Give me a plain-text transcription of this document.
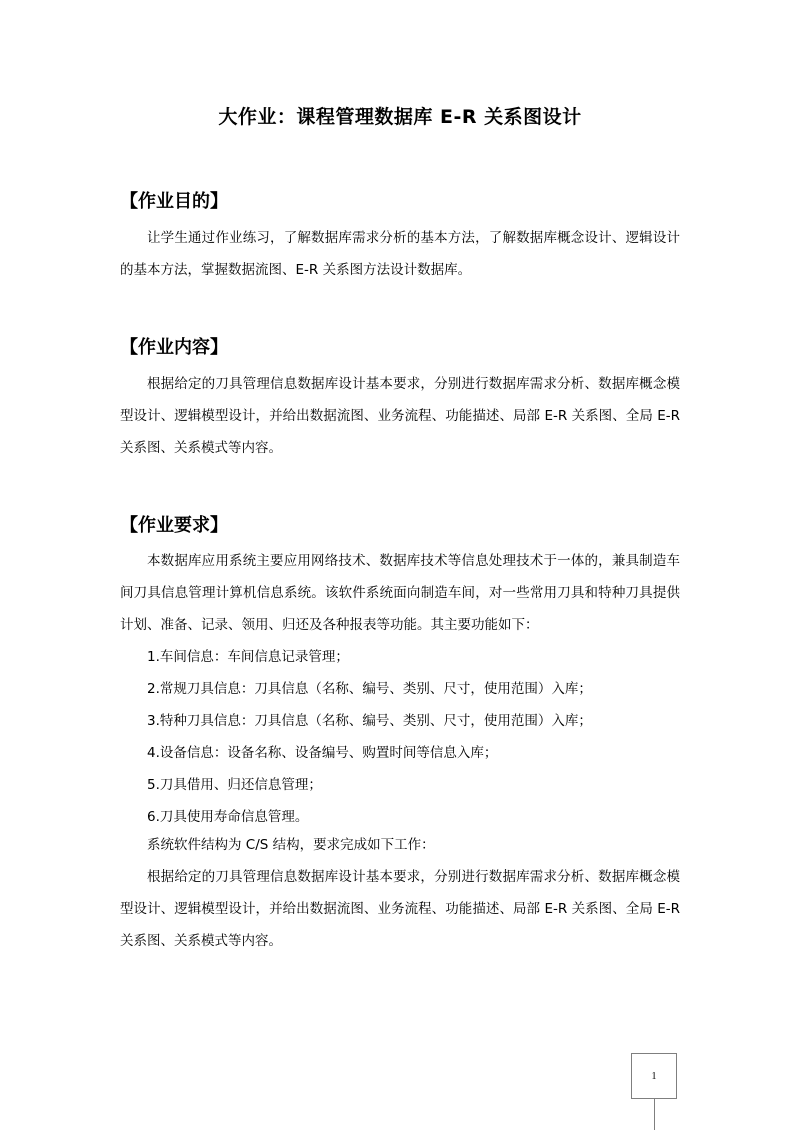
大作业：课程管理数据库 E-R 关系图设计
【作业目的】
让学生通过作业练习，了解数据库需求分析的基本方法，了解数据库概念设计、逻辑设计的基本方法，掌握数据流图、E-R 关系图方法设计数据库。
【作业内容】
根据给定的刀具管理信息数据库设计基本要求，分别进行数据库需求分析、数据库概念模型设计、逻辑模型设计，并给出数据流图、业务流程、功能描述、局部 E-R 关系图、全局 E-R 关系图、关系模式等内容。
【作业要求】
本数据库应用系统主要应用网络技术、数据库技术等信息处理技术于一体的，兼具制造车间刀具信息管理计算机信息系统。该软件系统面向制造车间，对一些常用刀具和特种刀具提供计划、准备、记录、领用、归还及各种报表等功能。其主要功能如下：
1.车间信息：车间信息记录管理；
2.常规刀具信息：刀具信息（名称、编号、类别、尺寸，使用范围）入库；
3.特种刀具信息：刀具信息（名称、编号、类别、尺寸，使用范围）入库；
4.设备信息：设备名称、设备编号、购置时间等信息入库；
5.刀具借用、归还信息管理；
6.刀具使用寿命信息管理。
系统软件结构为 C/S 结构，要求完成如下工作：
根据给定的刀具管理信息数据库设计基本要求，分别进行数据库需求分析、数据库概念模型设计、逻辑模型设计，并给出数据流图、业务流程、功能描述、局部 E-R 关系图、全局 E-R 关系图、关系模式等内容。
1
